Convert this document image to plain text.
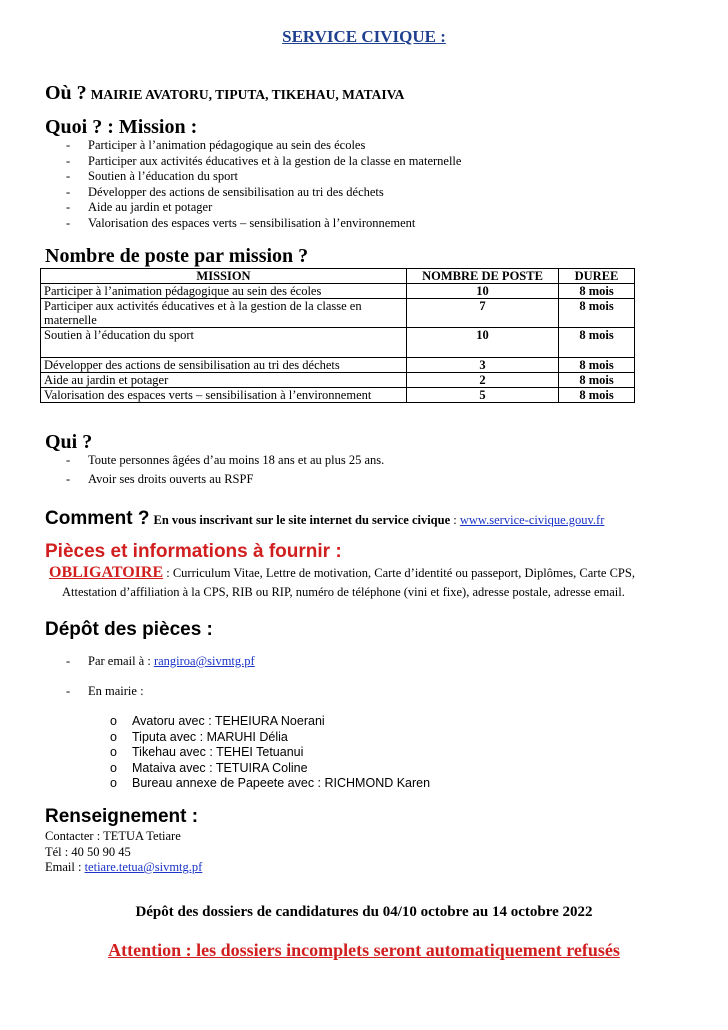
SERVICE CIVIQUE :
Où ? MAIRIE AVATORU, TIPUTA, TIKEHAU, MATAIVA
Quoi ? : Mission :
- Participer à l’animation pédagogique au sein des écoles
- Participer aux activités éducatives et à la gestion de la classe en maternelle
- Soutien à l’éducation du sport
- Développer des actions de sensibilisation au tri des déchets
- Aide au jardin et potager
- Valorisation des espaces verts – sensibilisation à l’environnement
Nombre de poste par mission ?
MISSION	NOMBRE DE POSTE	DUREE
Participer à l’animation pédagogique au sein des écoles	10	8 mois
Participer aux activités éducatives et à la gestion de la classe en maternelle	7	8 mois
Soutien à l’éducation du sport	10	8 mois
Développer des actions de sensibilisation au tri des déchets	3	8 mois
Aide au jardin et potager	2	8 mois
Valorisation des espaces verts – sensibilisation à l’environnement	5	8 mois
Qui ?
- Toute personnes âgées d’au moins 18 ans et au plus 25 ans.
- Avoir ses droits ouverts au RSPF
Comment ? En vous inscrivant sur le site internet du service civique : www.service-civique.gouv.fr
Pièces et informations à fournir :
OBLIGATOIRE : Curriculum Vitae, Lettre de motivation, Carte d’identité ou passeport, Diplômes, Carte CPS,
Attestation d’affiliation à la CPS, RIB ou RIP, numéro de téléphone (vini et fixe), adresse postale, adresse email.
Dépôt des pièces :
- Par email à : rangiroa@sivmtg.pf
- En mairie :
o Avatoru avec : TEHEIURA Noerani
o Tiputa avec : MARUHI Délia
o Tikehau avec : TEHEI Tetuanui
o Mataiva avec : TETUIRA Coline
o Bureau annexe de Papeete avec : RICHMOND Karen
Renseignement :
Contacter : TETUA Tetiare
Tél : 40 50 90 45
Email : tetiare.tetua@sivmtg.pf
Dépôt des dossiers de candidatures du 04/10 octobre au 14 octobre 2022
Attention : les dossiers incomplets seront automatiquement refusés
